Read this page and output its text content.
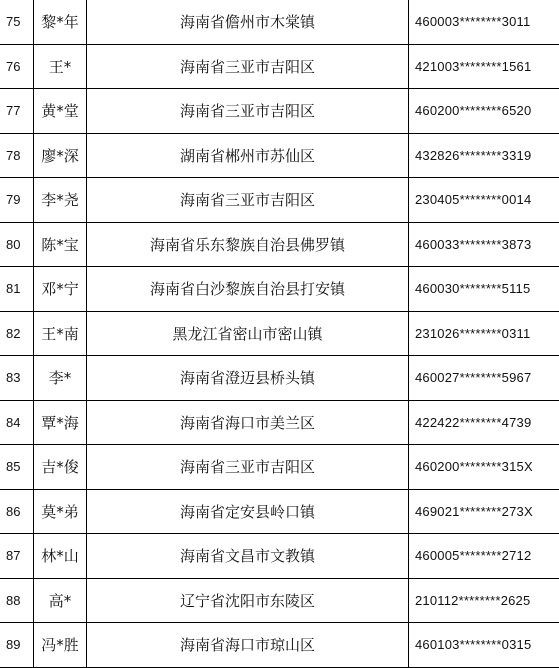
75	黎*年	海南省儋州市木棠镇	460003********3011
76	王*	海南省三亚市吉阳区	421003********1561
77	黄*堂	海南省三亚市吉阳区	460200********6520
78	廖*深	湖南省郴州市苏仙区	432826********3319
79	李*尧	海南省三亚市吉阳区	230405********0014
80	陈*宝	海南省乐东黎族自治县佛罗镇	460033********3873
81	邓*宁	海南省白沙黎族自治县打安镇	460030********5115
82	王*南	黑龙江省密山市密山镇	231026********0311
83	李*	海南省澄迈县桥头镇	460027********5967
84	覃*海	海南省海口市美兰区	422422********4739
85	吉*俊	海南省三亚市吉阳区	460200********315X
86	莫*弟	海南省定安县岭口镇	469021********273X
87	林*山	海南省文昌市文教镇	460005********2712
88	高*	辽宁省沈阳市东陵区	210112********2625
89	冯*胜	海南省海口市琼山区	460103********0315
